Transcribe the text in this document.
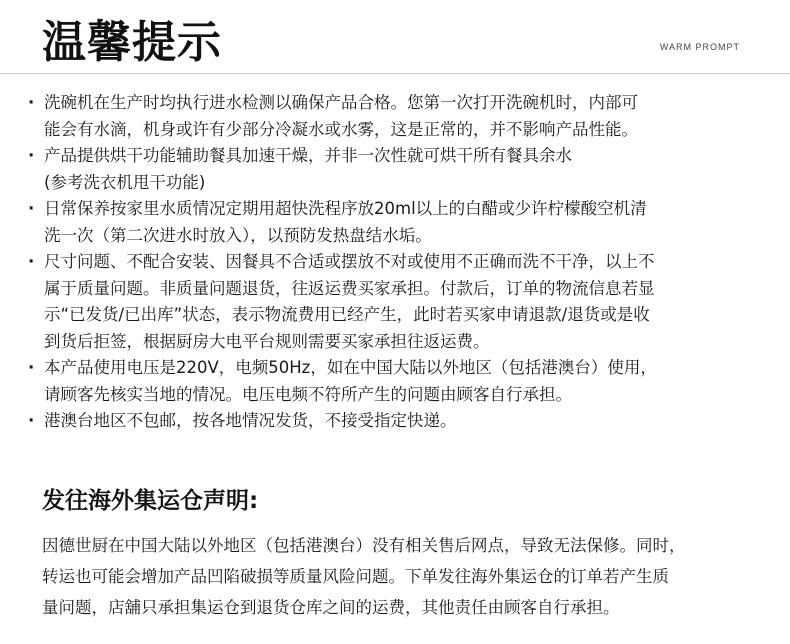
温馨提示	WARM PROMPT
· 洗碗机在生产时均执行进水检测以确保产品合格。您第一次打开洗碗机时，内部可
能会有水滴，机身或许有少部分冷凝水或水雾，这是正常的，并不影响产品性能。
· 产品提供烘干功能辅助餐具加速干燥，并非一次性就可烘干所有餐具余水
(参考洗衣机甩干功能)
· 日常保养按家里水质情况定期用超快洗程序放20ml以上的白醋或少许柠檬酸空机清
洗一次（第二次进水时放入），以预防发热盘结水垢。
· 尺寸问题、不配合安装、因餐具不合适或摆放不对或使用不正确而洗不干净，以上不
属于质量问题。非质量问题退货，往返运费买家承担。付款后，订单的物流信息若显
示“已发货/已出库”状态，表示物流费用已经产生，此时若买家申请退款/退货或是收
到货后拒签，根据厨房大电平台规则需要买家承担往返运费。
· 本产品使用电压是220V，电频50Hz，如在中国大陆以外地区（包括港澳台）使用，
请顾客先核实当地的情况。电压电频不符所产生的问题由顾客自行承担。
· 港澳台地区不包邮，按各地情况发货，不接受指定快递。
发往海外集运仓声明:
因德世厨在中国大陆以外地区（包括港澳台）没有相关售后网点，导致无法保修。同时，
转运也可能会增加产品凹陷破损等质量风险问题。下单发往海外集运仓的订单若产生质
量问题，店舖只承担集运仓到退货仓库之间的运费，其他责任由顾客自行承担。
